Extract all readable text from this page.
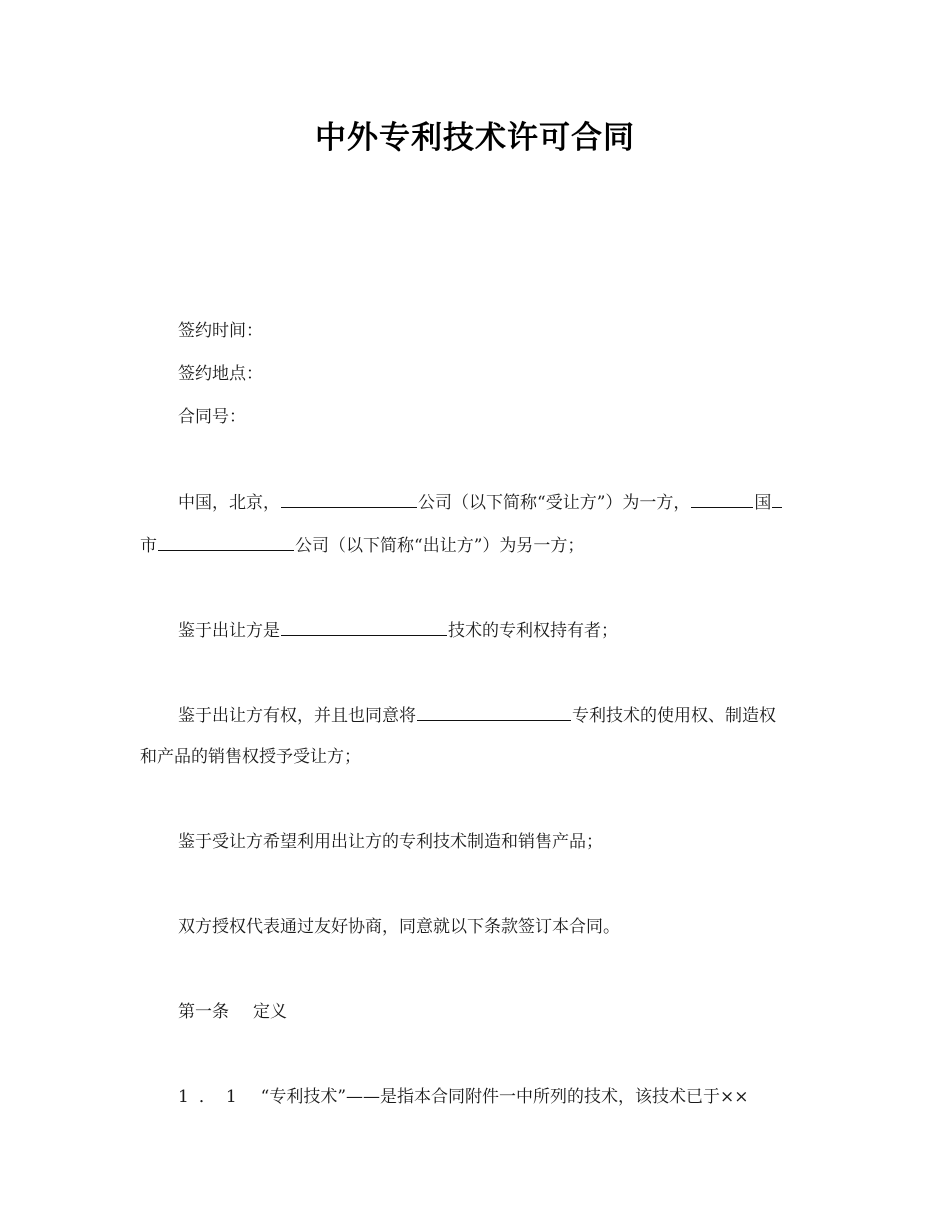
中外专利技术许可合同
签约时间：
签约地点：
合同号：
中国，北京，	公司（以下简称“受让方”）为一方，	国
市	公司（以下简称“出让方”）为另一方；
鉴于出让方是	技术的专利权持有者；
鉴于出让方有权，并且也同意将	专利技术的使用权、制造权
和产品的销售权授予受让方；
鉴于受让方希望利用出让方的专利技术制造和销售产品；
双方授权代表通过友好协商，同意就以下条款签订本合同。
第一条 定义
1．1 “专利技术”——是指本合同附件一中所列的技术，该技术已于××
